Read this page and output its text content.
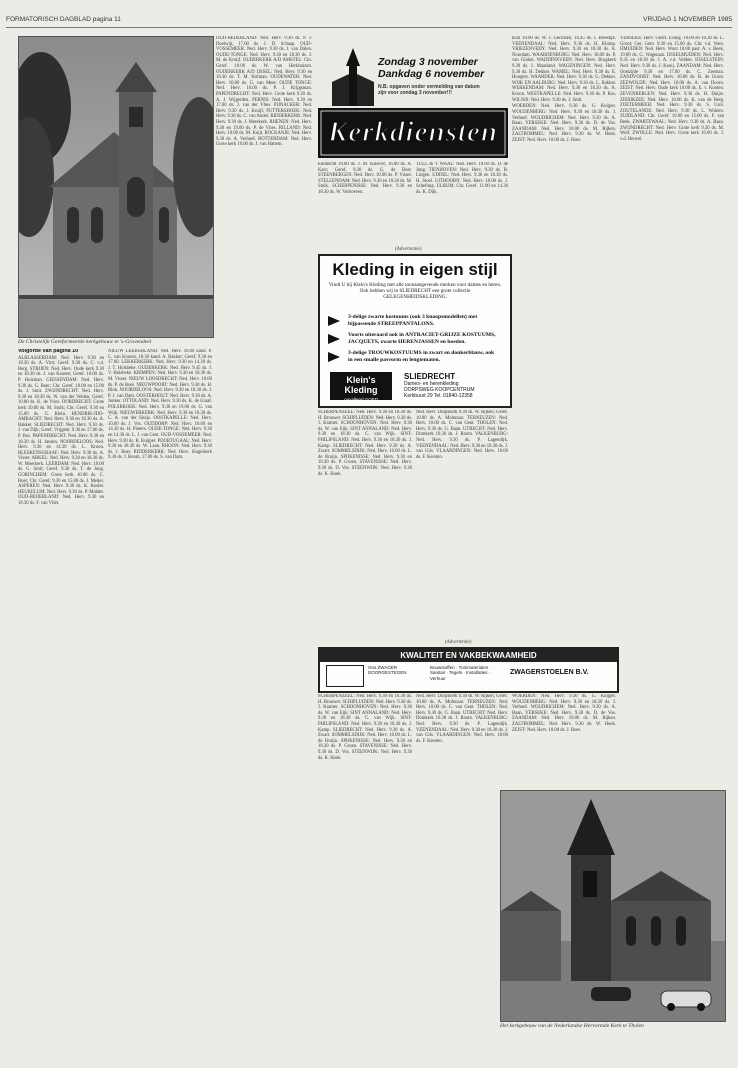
FORMATORISCH DAGBLAD pagina 11	VRIJDAG 1 NOVEMBER 1985
De Christelijk Gereformeerde kerkgebouw te 's-Gravendeel
Volgorde van pagina 10

ALBLASSERDAM: Ned. Herv. 9.30 en 18.30 ds. A. Vlot; Geref. 9.30 ds. C. v.d. Berg. STRIJEN: Ned. Herv. Oude kerk 9.30 en 18.30 ds. J. van Kooten; Geref. 10.00 ds. P. Huisman. GIESSENDAM: Ned. Herv. 9.30 ds. G. Boer; Chr. Geref. 10.00 en 15.00 ds. J. Smit. ZWIJNDRECHT: Ned. Herv. 9.30 en 18.30 ds. W. van der Velden; Geref. 10.00 ds. K. de Vries. DORDRECHT: Grote kerk 10.00 ds. M. Stolk; Chr. Geref. 9.30 en 15.00 ds. G. Klein. HENDRIK-IDO-AMBACHT: Ned. Herv. 9.30 en 18.30 ds. A. Bakker. SLIEDRECHT: Ned. Herv. 9.30 ds. J. van Dijk; Geref. Vrijgem. 9.30 en 17.00 ds. P. Bos. PAPENDRECHT: Ned. Herv. 9.30 en 18.30 ds. H. Jansen. NOORDELOOS: Ned. Herv. 9.30 en 14.30 ds. L. Kroon. BLESKENSGRAAF: Ned. Herv. 9.30 ds. A. Visser. ARKEL: Ned. Herv. 9.30 en 18.30 ds. W. Moerkerk. LEERDAM: Ned. Herv. 10.00 ds. G. Smit; Geref. 9.30 ds. T. de Jong. GORINCHEM: Grote kerk 10.00 ds. C. Boer; Chr. Geref. 9.30 en 15.00 ds. J. Meijer. ASPEREN: Ned. Herv. 9.30 ds. K. Koster. HEUKELUM: Ned. Herv. 9.30 ds. P. Mulder. OUD-BEIJERLAND: Ned. Herv. 9.30 en 18.30 ds. F. van Vliet.

NIEUW LEKKERLAND: Ned. Herv. 10.00 kand. P. C. van Kooten, 18.30 kand. A. Bakker; Geref. 9.30 en 17.00. LEKKERKERK: Ned. Herv. 9.30 en 14.30 ds. J. T. Holsbeke. OUDERKERK: Ned. Herv. 9.45 ds. J. V. Holsbeke. KRIMPEN: Ned. Herv. 9.30 en 18.30 ds. M. Visser. NIEUW LOOSDRECHT: Ned. Herv. 10.00 ds. P. de Boer. NIEUWPOORT: Ned. Herv. 9.30 ds. H. Blok. NOORDELOOS: Ned. Herv. 9.30 en 18.30 ds. J. P. J. van Dam. OOSTERHOUT: Ned. Herv. 9.30 ds. A. Jonker. OTTOLAND: Ned. Herv. 9.30 ds. K. de Graaf. POLSBROEK: Ned. Herv. 9.30 en 19.00 ds. G. van Wijk. NIEUWERKERK: Ned. Herv. 9.30 en 18.30 ds. C. A. van der Sluijs. OOSTKAPELLE: Ned. Herv. 10.00 ds. J. Vos. OUDDORP: Ned. Herv. 10.00 en 14.30 ds. H. Pieters. OUDE-TONGE: Ned. Herv. 9.30 en 14.30 ds. L. J. van Gent. OUD-VOSSEMEER: Ned. Herv. 9.30 ds. B. Kuijper. POORTUGAAL: Ned. Herv. 9.30 en 18.30 ds. W. Laan. RHOON: Ned. Herv. 9.30 ds. J. Boer. RIDDERKERK: Ned. Herv. Singelkerk 9.30 ds. J. Room, 17.00 ds. S. van Dam.

OUD-BEIJERLAND: Ned. Herv. 9.30 ds. P. J. Doelwijt, 17.00 ds. J. D. Schaap. OUD-VOSSEMEER: Ned. Herv. 9.30 ds. J. van Dalen. OUDE-TONGE: Ned. Herv. 9.30 en 18.30 ds. J. M. de Kruijf. OUDERKERK A/D AMSTEL: Chr. Geref. 10.00 ds. W. van Herkhuizen. OUDERKERK A/D IJSSEL: Ned. Herv. 9.30 en 18.30 ds. T. M. Hofman. OUDEWATER: Ned. Herv. 10.00 ds. G. van Meer. OUDE TONGE: Ned. Herv. 10.00 ds. P. J. Krijgsman. PAPENDRECHT: Ned. Herv. Grote kerk 9.30 ds. A. J. Wijgerden. PERNIS: Ned. Herv. 9.30 en 17.00 ds. J. van der Vlies. PIJNACKER: Ned. Herv. 9.30 ds. J. Kruijf. PUTTERSHOEK: Ned. Herv. 9.30 ds. C. van Andel. RIDDERKERK: Ned. Herv. 9.30 ds. J. Meerkerk. RHENEN: Ned. Herv. 9.30 en 19.00 ds. P. de Vries. RILLAND: Ned. Herv. 10.00 ds. M. Kuijt. ROCKANJE: Ned. Herv. 9.30 ds. A. Verhoef. ROTTERDAM: Ned. Herv. Grote kerk 10.00 ds. J. van Hattem.

Zondag 3 november
Dankdag 6 november
N.B. opgaven onder vermelding van datum zijn voor zondag 3 november!!!
Kerkdiensten

Eindrecht 10.00 ds. J. M. Kleuver, 16.00 ds. A. Kars; Geref. 9.30 ds. G. de Boer. STEENBERGEN: Ned. Herv. 10.00 ds. P. Visser. STELLENDAM: Ned. Herv. 9.30 en 18.30 ds. M. Stolk. SCHERPENISSE: Ned. Herv. 9.30 en 18.30 ds. W. Verhoeven.

TULL & 'T WAAL: Ned. Herv. 10.00 ds. D. de Jong. TIENHOVEN: Ned. Herv. 9.30 ds. B. Lingen. UDDEL: Ned. Herv. 9.30 en 18.30 ds. H. Stoel. UITHOORN: Ned. Herv. 10.00 ds. J. Schelling. ULRUM: Chr. Geref. 11.00 en 14.30 ds. K. Dijk.

(Advertentie)
Kleding in eigen stijl
Vindt U bij Klein's Kleding met alle toonaangevende merken voor dames en heren. Ook hebben wij in SLIEDRECHT een grote collectie GELEGENHEIDSKLEDING.
3-delige zwarte kostuums (ook 3 knoopsmodellen) met bijpassende STREEPPANTALONS.
Voorts uiteraard ook in ANTRACIET-GRIJZE KOSTUUMS, JACQUETS, zwarte HERENJASSEN en hoeden.
3-delige TROUWKOSTUUMS in zwart en donkerblauw, ook in een smalle pasvorm en lengtematen.
Klein's Kleding
opvallend GOED
SLIEDRECHT
Dames- en herenkleding
DORPSWEG KOOPCENTRUM
Kerkbuurt 29 Tel. 01840-12358

SCHERPENZEEL: Ned. Herv. 9.30 en 18.30 ds. H. Brouwer. SCHIPLUIDEN: Ned. Herv. 9.30 ds. J. Kramer. SCHOONHOVEN: Ned. Herv. 9.30 ds. W. van Eijk. SINT ANNALAND: Ned. Herv. 9.30 en 18.30 ds. C. van Wijk. SINT-PHILIPSLAND: Ned. Herv. 9.30 en 18.30 ds. J. Kamp. SLIEDRECHT: Ned. Herv. 9.30 ds. A. Zwart. SOMMELSDIJK: Ned. Herv. 10.00 ds. L. de Bruijn. SPIJKENISSE: Ned. Herv. 9.30 en 18.30 ds. P. Groen. STAVENISSE: Ned. Herv. 9.30 ds. D. Vos. STEENWIJK: Ned. Herv. 9.30 ds. K. Hoek.

Ned. Herv. Dorpskerk 9.30 ds. W. Rijken; Geref. 10.00 ds. A. Molenaar. TERNEUZEN: Ned. Herv. 10.00 ds. C. van Gent. THOLEN: Ned. Herv. 9.30 ds. G. Baan. UTRECHT: Ned. Herv. Domkerk 10.30 ds. J. Room. VALKENBURG: Ned. Herv. 9.30 ds. P. Lagendijk. VEENENDAAL: Ned. Herv. 9.30 en 18.30 ds. J. van Gils. VLAARDINGEN: Ned. Herv. 10.00 ds. F. Kersten.

(Advertentie)
KWALITEIT EN VAKBEKWAAMHEID
Ons ZWAGER DOORGESTEGEN
Bouwstoffen · Tuinmaterialen · Sanitair · Tegels · Installaties · Verhuur
ZWAGERSTOELEN B.V.

SCHERPENZEEL: Ned. Herv. 9.30 en 18.30 ds. H. Brouwer. SCHIPLUIDEN: Ned. Herv. 9.30 ds. J. Kramer. SCHOONHOVEN: Ned. Herv. 9.30 ds. W. van Eijk. SINT ANNALAND: Ned. Herv. 9.30 en 18.30 ds. C. van Wijk. SINT-PHILIPSLAND: Ned. Herv. 9.30 en 18.30 ds. J. Kamp. SLIEDRECHT: Ned. Herv. 9.30 ds. A. Zwart. SOMMELSDIJK: Ned. Herv. 10.00 ds. L. de Bruijn. SPIJKENISSE: Ned. Herv. 9.30 en 18.30 ds. P. Groen. STAVENISSE: Ned. Herv. 9.30 ds. D. Vos. STEENWIJK: Ned. Herv. 9.30 ds. K. Hoek.

Ned. Herv. Dorpskerk 9.30 ds. W. Rijken; Geref. 10.00 ds. A. Molenaar. TERNEUZEN: Ned. Herv. 10.00 ds. C. van Gent. THOLEN: Ned. Herv. 9.30 ds. G. Baan. UTRECHT: Ned. Herv. Domkerk 10.30 ds. J. Room. VALKENBURG: Ned. Herv. 9.30 ds. P. Lagendijk. VEENENDAAL: Ned. Herv. 9.30 en 18.30 ds. J. van Gils. VLAARDINGEN: Ned. Herv. 10.00 ds. F. Kersten.

hora 10.00 ds. W. J. Gerritsen, 16.45 ds. J. Breedijk. VEENENDAAL: Ned. Herv. 9.30 ds. H. Klomp. VRIEZENVEEN: Ned. Herv. 9.30 en 18.30 ds. A. Noordam. WAARDENBURG: Ned. Herv. 10.00 ds. P. van Ginkel. WADDINXVEEN: Ned. Herv. Brugkerk 9.30 ds. J. Maasland. WAGENINGEN: Ned. Herv. 9.30 ds. H. Dekker. WAMEL: Ned. Herv. 9.30 ds. E. Hoogers. WAARDER: Ned. Herv. 9.30 ds. G. Dekker. WIJK EN AALBURG: Ned. Herv. 9.30 ds. L. Bakker. WERKENDAM: Ned. Herv. 9.30 en 18.30 ds. A. Kroon. WESTKAPELLE: Ned. Herv. 9.30 ds. P. Bos. WILNIS: Ned. Herv. 9.30 ds. J. Smit.

WOERDEN: Ned. Herv. 9.30 ds. G. Kuijper. WOUDENBERG: Ned. Herv. 9.30 en 18.30 ds. J. Verhoef. WOUDRICHEM: Ned. Herv. 9.30 ds. A. Baan. YERSEKE: Ned. Herv. 9.30 ds. D. de Vos. ZAANDAM: Ned. Herv. 10.00 ds. M. Rijken. ZALTBOMMEL: Ned. Herv. 9.30 ds. W. Hoek. ZEIST: Ned. Herv. 10.00 ds. J. Boer.

WOERDEN: Ned. Herv. 9.30 ds. G. Kuijper. WOUDENBERG: Ned. Herv. 9.30 en 18.30 ds. J. Verhoef. WOUDRICHEM: Ned. Herv. 9.30 ds. A. Baan. YERSEKE: Ned. Herv. 9.30 ds. D. de Vos. ZAANDAM: Ned. Herv. 10.00 ds. M. Rijken. ZALTBOMMEL: Ned. Herv. 9.30 ds. W. Hoek. ZEIST: Ned. Herv. 10.00 ds. J. Boer.

YERSEKE: Herv. Geref. Evang. 10.00 en 18.30 ds. L. Groot; Ger. Gem. 9.30 en 15.00 ds. Chr. v.d. Veen. IJMUIDEN: Ned. Herv. Wout 10.00 past. A. v. Beek, 19.00 ds. G. Wagenaar. IJSSELMUIDEN: Ned. Herv. 9.45 en 18.30 ds. J. A. v.d. Velden. IJSSELSTEIN: Ned. Herv. 9.30 ds. J. Kooij. ZAANDAM: Ned. Herv. Oostzijde 9.30 en 17.00 ds. C. Zeeman. ZANDVOORT: Ned. Herv. 10.00 ds. R. de Groot. ZEEWOLDE: Ned. Herv. 10.00 ds. A. van Doorn. ZEIST: Ned. Herv. Oude kerk 10.00 ds. E. v. Kooten. ZEVENBERGEN: Ned. Herv. 9.30 ds. H. Duijst. ZIERIKZEE: Ned. Herv. 10.00 ds. K. van de Berg. ZOETERMEER: Ned. Herv. 9.30 ds. S. Grol. ZOUTELANDE: Ned. Herv. 9.30 ds. L. Wolters. ZUIDLAND: Chr. Geref. 10.00 en 15.00 ds. F. van Beek. ZWARTEWAAL: Ned. Herv. 9.30 ds. A. Baan. ZWIJNDRECHT: Ned. Herv. Grote kerk 9.30 ds. M. Wolf. ZWOLLE: Ned. Herv. Grote kerk 10.00 ds. J. v.d. Heuvel.

Het kerkgebouw van de Nederlandse Hervormde Kerk te Tholen
